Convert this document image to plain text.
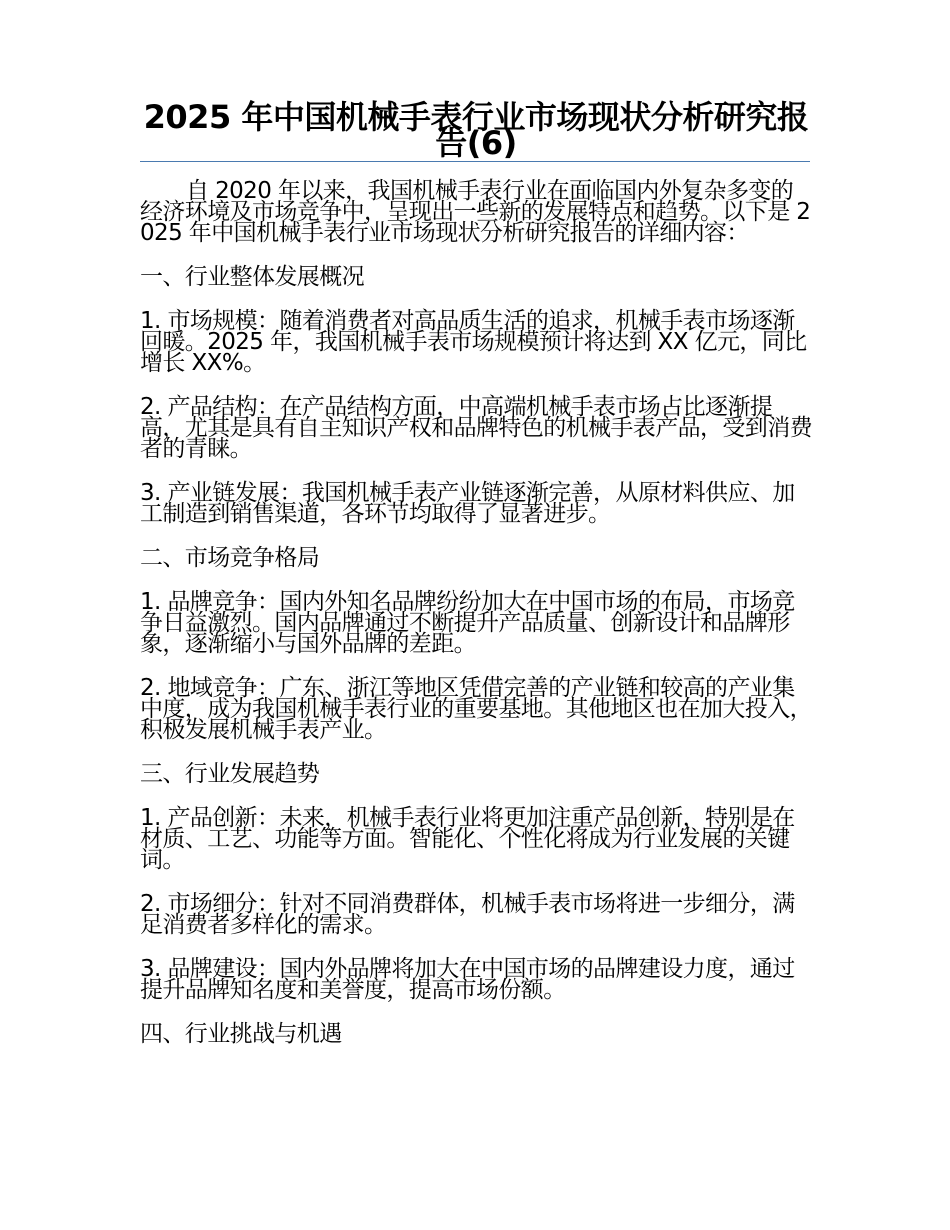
2025 年中国机械手表行业市场现状分析研究报告(6)

自 2020 年以来，我国机械手表行业在面临国内外复杂多变的经济环境及市场竞争中，呈现出一些新的发展特点和趋势。以下是 2025 年中国机械手表行业市场现状分析研究报告的详细内容：

一、行业整体发展概况

1. 市场规模：随着消费者对高品质生活的追求，机械手表市场逐渐回暖。2025 年，我国机械手表市场规模预计将达到 XX 亿元，同比增长 XX%。

2. 产品结构：在产品结构方面，中高端机械手表市场占比逐渐提高，尤其是具有自主知识产权和品牌特色的机械手表产品，受到消费者的青睐。

3. 产业链发展：我国机械手表产业链逐渐完善，从原材料供应、加工制造到销售渠道，各环节均取得了显著进步。

二、市场竞争格局

1. 品牌竞争：国内外知名品牌纷纷加大在中国市场的布局，市场竞争日益激烈。国内品牌通过不断提升产品质量、创新设计和品牌形象，逐渐缩小与国外品牌的差距。

2. 地域竞争：广东、浙江等地区凭借完善的产业链和较高的产业集中度，成为我国机械手表行业的重要基地。其他地区也在加大投入，积极发展机械手表产业。

三、行业发展趋势

1. 产品创新：未来，机械手表行业将更加注重产品创新，特别是在材质、工艺、功能等方面。智能化、个性化将成为行业发展的关键词。

2. 市场细分：针对不同消费群体，机械手表市场将进一步细分，满足消费者多样化的需求。

3. 品牌建设：国内外品牌将加大在中国市场的品牌建设力度，通过提升品牌知名度和美誉度，提高市场份额。

四、行业挑战与机遇
